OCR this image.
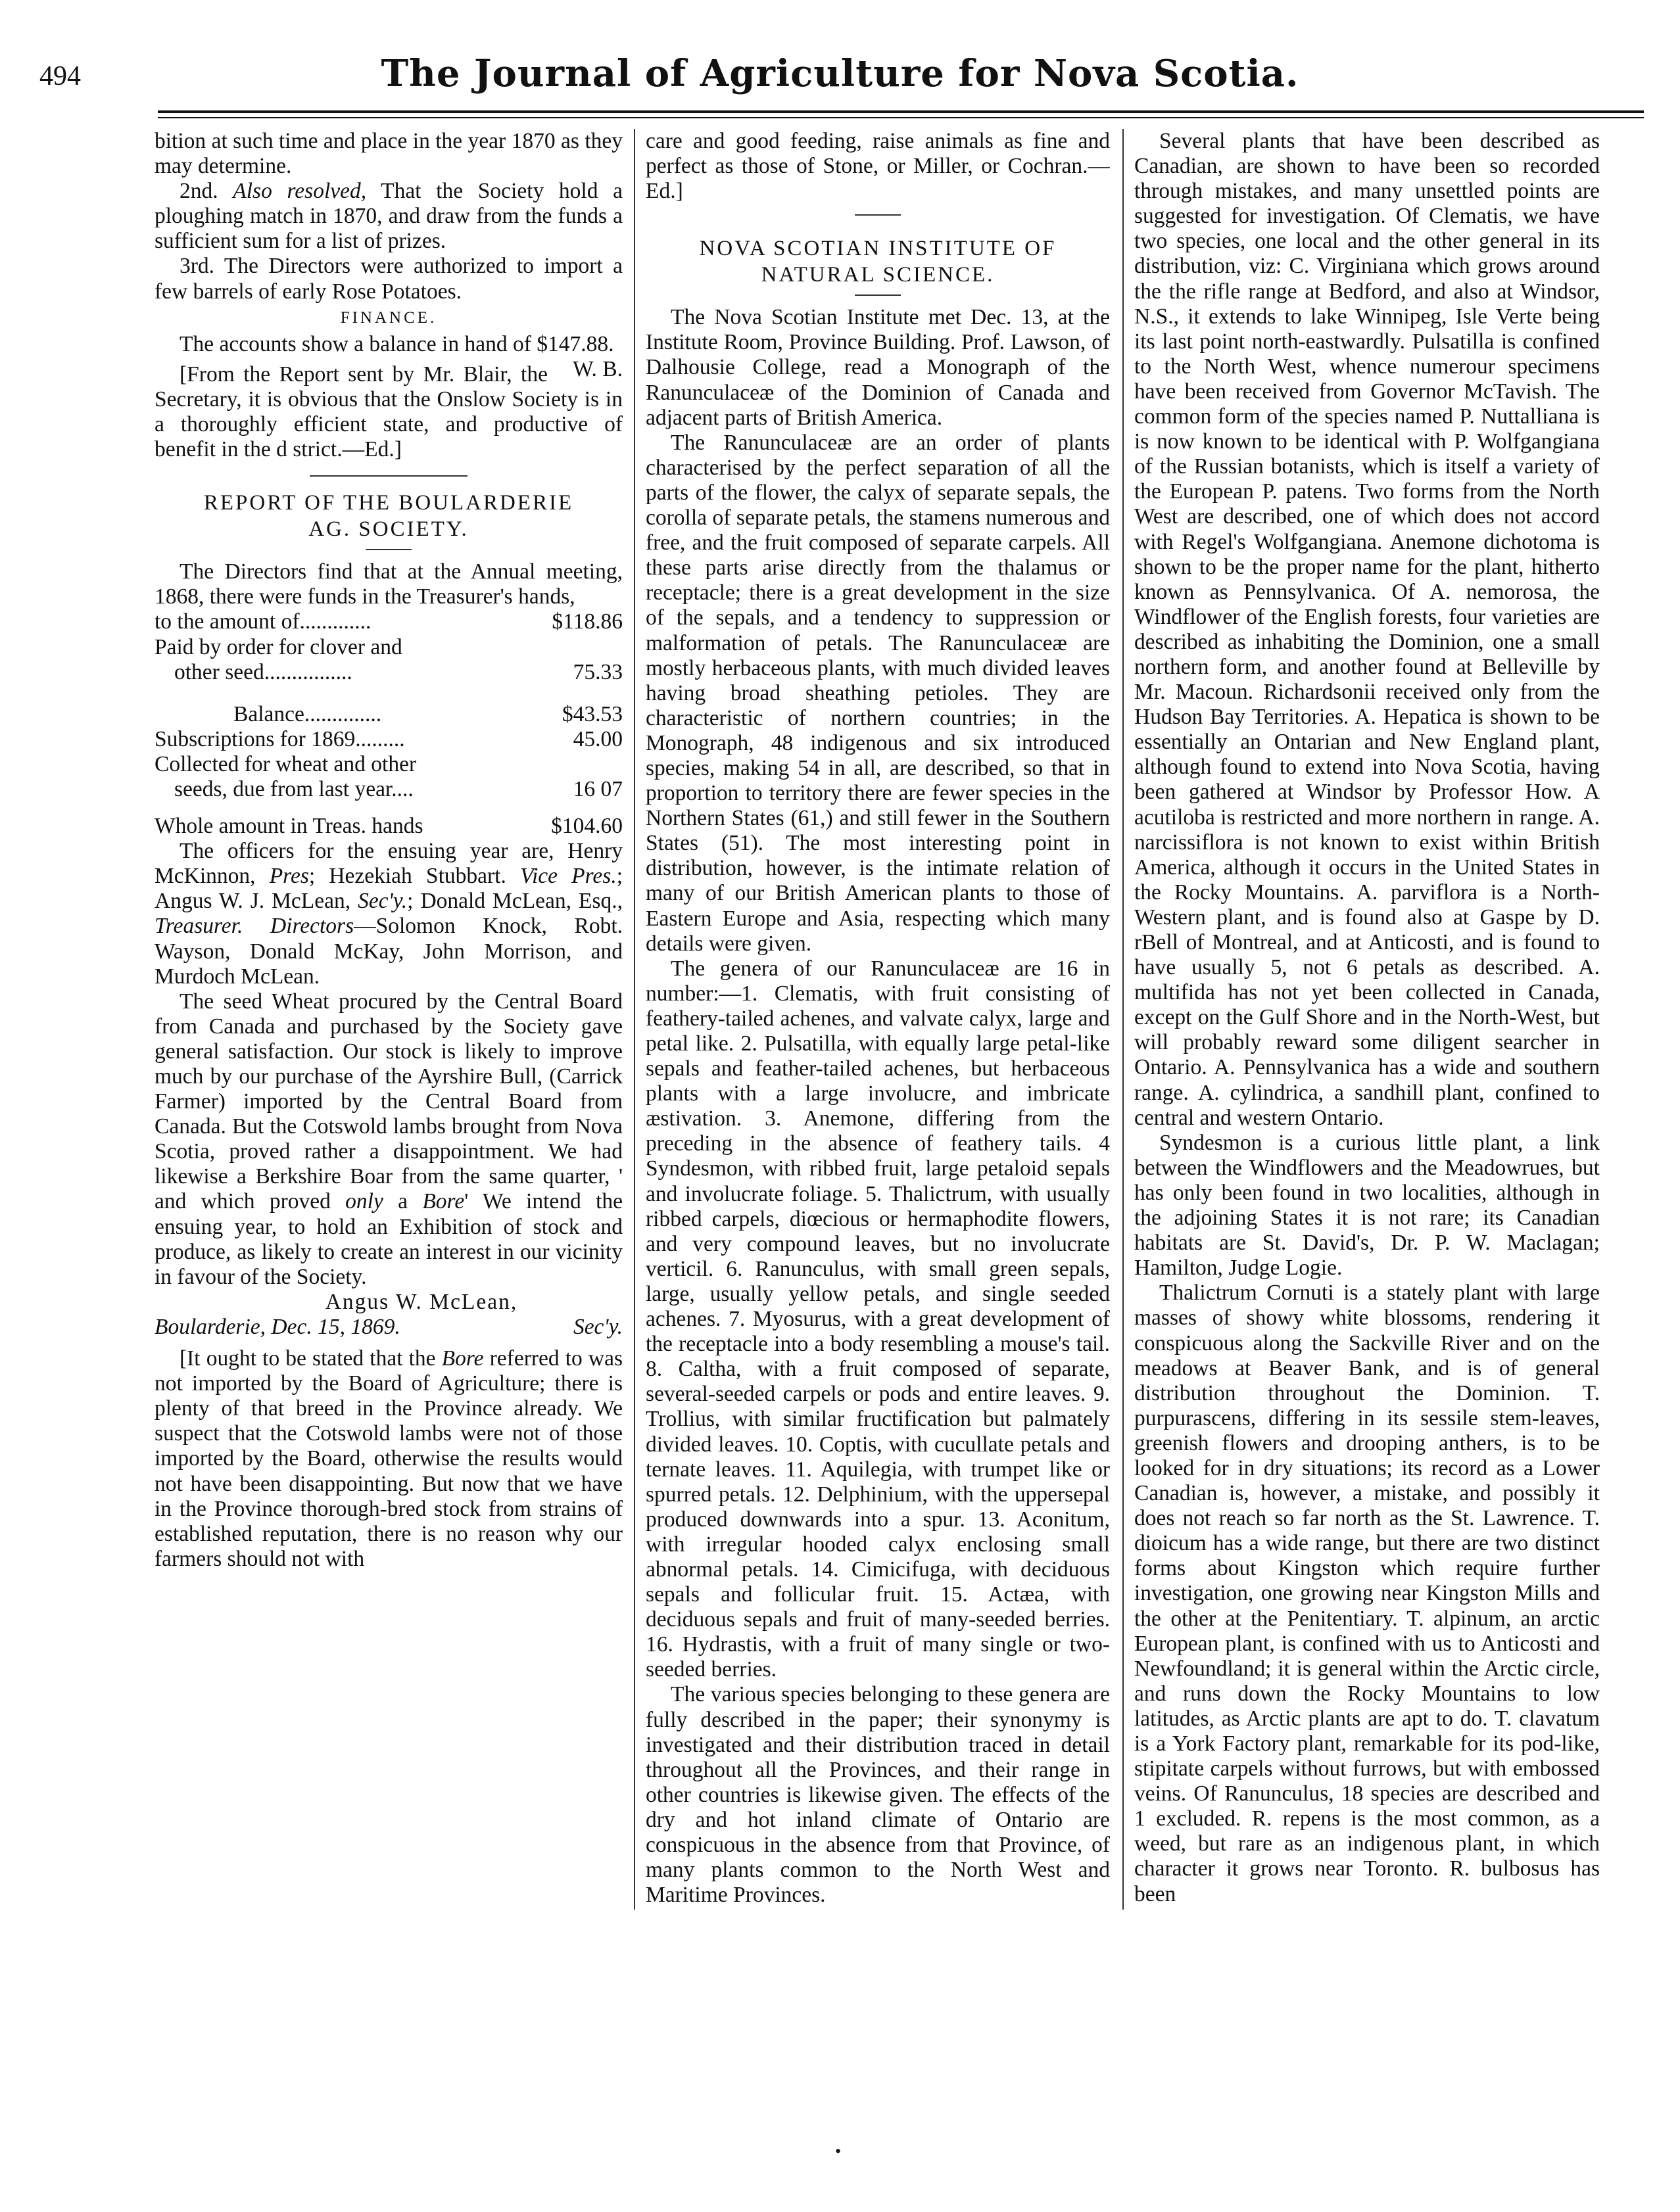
494	The Journal of Agriculture for Nova Scotia.

bition at such time and place in the year 1870 as they may determine.

2nd. Also resolved, That the Society hold a ploughing match in 1870, and draw from the funds a sufficient sum for a list of prizes.

3rd. The Directors were authorized to import a few barrels of early Rose Potatoes.

FINANCE.

The accounts show a balance in hand of $147.88.
W. B.

[From the Report sent by Mr. Blair, the Secretary, it is obvious that the Onslow Society is in a thoroughly efficient state, and productive of benefit in the d strict.—Ed.]

REPORT OF THE BOULARDERIE
AG. SOCIETY.

The Directors find that at the Annual meeting, 1868, there were funds in the Treasurer's hands,

to the amount of.............	$118.86
Paid by order for clover and	
other seed................	75.33
Balance..............	$43.53
Subscriptions for 1869.........	45.00
Collected for wheat and other	
seeds, due from last year....	16 07
Whole amount in Treas. hands	$104.60

The officers for the ensuing year are, Henry McKinnon, Pres; Hezekiah Stubbart. Vice Pres.; Angus W. J. McLean, Sec'y.; Donald McLean, Esq., Treasurer. Directors—Solomon Knock, Robt. Wayson, Donald McKay, John Morrison, and Murdoch McLean.

The seed Wheat procured by the Central Board from Canada and purchased by the Society gave general satisfaction. Our stock is likely to improve much by our purchase of the Ayrshire Bull, (Carrick Farmer) imported by the Central Board from Canada. But the Cotswold lambs brought from Nova Scotia, proved rather a disappointment. We had likewise a Berkshire Boar from the same quarter, ' and which proved only a Bore' We intend the ensuing year, to hold an Exhibition of stock and produce, as likely to create an interest in our vicinity in favour of the Society.

Angus W. McLean,
Boularderie, Dec. 15, 1869.	Sec'y.

[It ought to be stated that the Bore referred to was not imported by the Board of Agriculture; there is plenty of that breed in the Province already. We suspect that the Cotswold lambs were not of those imported by the Board, otherwise the results would not have been disappointing. But now that we have in the Province thorough-bred stock from strains of established reputation, there is no reason why our farmers should not with

care and good feeding, raise animals as fine and perfect as those of Stone, or Miller, or Cochran.—Ed.]

NOVA SCOTIAN INSTITUTE OF
NATURAL SCIENCE.

The Nova Scotian Institute met Dec. 13, at the Institute Room, Province Building. Prof. Lawson, of Dalhousie College, read a Monograph of the Ranunculaceæ of the Dominion of Canada and adjacent parts of British America.

The Ranunculaceæ are an order of plants characterised by the perfect separation of all the parts of the flower, the calyx of separate sepals, the corolla of separate petals, the stamens numerous and free, and the fruit composed of separate carpels. All these parts arise directly from the thalamus or receptacle; there is a great development in the size of the sepals, and a tendency to suppression or malformation of petals. The Ranunculaceæ are mostly herbaceous plants, with much divided leaves having broad sheathing petioles. They are characteristic of northern countries; in the Monograph, 48 indigenous and six introduced species, making 54 in all, are described, so that in proportion to territory there are fewer species in the Northern States (61,) and still fewer in the Southern States (51). The most interesting point in distribution, however, is the intimate relation of many of our British American plants to those of Eastern Europe and Asia, respecting which many details were given.

The genera of our Ranunculaceæ are 16 in number:—1. Clematis, with fruit consisting of feathery-tailed achenes, and valvate calyx, large and petal like. 2. Pulsatilla, with equally large petal-like sepals and feather-tailed achenes, but herbaceous plants with a large involucre, and imbricate æstivation. 3. Anemone, differing from the preceding in the absence of feathery tails. 4 Syndesmon, with ribbed fruit, large petaloid sepals and involucrate foliage. 5. Thalictrum, with usually ribbed carpels, diœcious or hermaphodite flowers, and very compound leaves, but no involucrate verticil. 6. Ranunculus, with small green sepals, large, usually yellow petals, and single seeded achenes. 7. Myosurus, with a great development of the receptacle into a body resembling a mouse's tail. 8. Caltha, with a fruit composed of separate, several-seeded carpels or pods and entire leaves. 9. Trollius, with similar fructification but palmately divided leaves. 10. Coptis, with cucullate petals and ternate leaves. 11. Aquilegia, with trumpet like or spurred petals. 12. Delphinium, with the uppersepal produced downwards into a spur. 13. Aconitum, with irregular hooded calyx enclosing small abnormal petals. 14. Cimicifuga, with deciduous sepals and follicular fruit. 15. Actæa, with deciduous sepals and fruit of many-seeded berries. 16. Hydrastis, with a fruit of many single or two-seeded berries.

The various species belonging to these genera are fully described in the paper; their synonymy is investigated and their distribution traced in detail throughout all the Provinces, and their range in other countries is likewise given. The effects of the dry and hot inland climate of Ontario are conspicuous in the absence from that Province, of many plants common to the North West and Maritime Provinces.

Several plants that have been described as Canadian, are shown to have been so recorded through mistakes, and many unsettled points are suggested for investigation. Of Clematis, we have two species, one local and the other general in its distribution, viz: C. Virginiana which grows around the the rifle range at Bedford, and also at Windsor, N.S., it extends to lake Winnipeg, Isle Verte being its last point north-eastwardly. Pulsatilla is confined to the North West, whence numerour specimens have been received from Governor McTavish. The common form of the species named P. Nuttalliana is is now known to be identical with P. Wolfgangiana of the Russian botanists, which is itself a variety of the European P. patens. Two forms from the North West are described, one of which does not accord with Regel's Wolfgangiana. Anemone dichotoma is shown to be the proper name for the plant, hitherto known as Pennsylvanica. Of A. nemorosa, the Windflower of the English forests, four varieties are described as inhabiting the Dominion, one a small northern form, and another found at Belleville by Mr. Macoun. Richardsonii received only from the Hudson Bay Territories. A. Hepatica is shown to be essentially an Ontarian and New England plant, although found to extend into Nova Scotia, having been gathered at Windsor by Professor How. A acutiloba is restricted and more northern in range. A. narcissiflora is not known to exist within British America, although it occurs in the United States in the Rocky Mountains. A. parviflora is a North-Western plant, and is found also at Gaspe by D. rBell of Montreal, and at Anticosti, and is found to have usually 5, not 6 petals as described. A. multifida has not yet been collected in Canada, except on the Gulf Shore and in the North-West, but will probably reward some diligent searcher in Ontario. A. Pennsylvanica has a wide and southern range. A. cylindrica, a sandhill plant, confined to central and western Ontario.

Syndesmon is a curious little plant, a link between the Windflowers and the Meadowrues, but has only been found in two localities, although in the adjoining States it is not rare; its Canadian habitats are St. David's, Dr. P. W. Maclagan; Hamilton, Judge Logie.

Thalictrum Cornuti is a stately plant with large masses of showy white blossoms, rendering it conspicuous along the Sackville River and on the meadows at Beaver Bank, and is of general distribution throughout the Dominion. T. purpurascens, differing in its sessile stem-leaves, greenish flowers and drooping anthers, is to be looked for in dry situations; its record as a Lower Canadian is, however, a mistake, and possibly it does not reach so far north as the St. Lawrence. T. dioicum has a wide range, but there are two distinct forms about Kingston which require further investigation, one growing near Kingston Mills and the other at the Penitentiary. T. alpinum, an arctic European plant, is confined with us to Anticosti and Newfoundland; it is general within the Arctic circle, and runs down the Rocky Mountains to low latitudes, as Arctic plants are apt to do. T. clavatum is a York Factory plant, remarkable for its pod-like, stipitate carpels without furrows, but with embossed veins. Of Ranunculus, 18 species are described and 1 excluded. R. repens is the most common, as a weed, but rare as an indigenous plant, in which character it grows near Toronto. R. bulbosus has been

•
